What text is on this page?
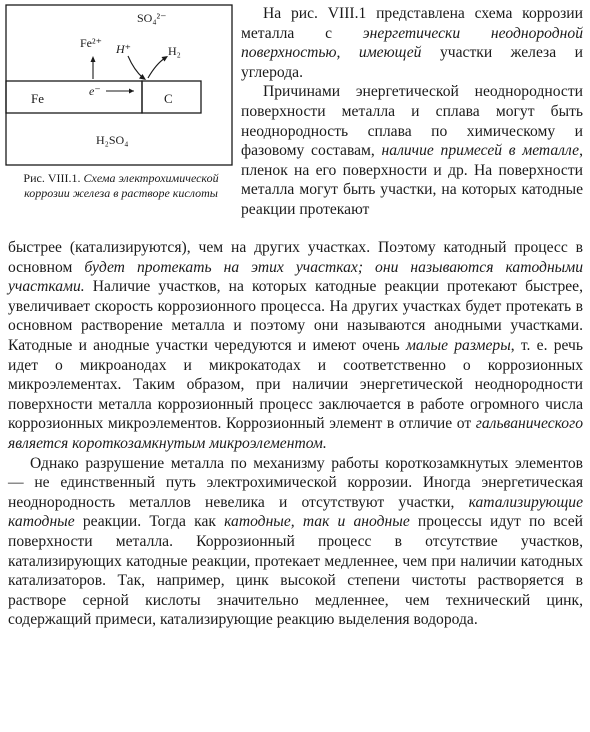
Fe	C
e⁻
Fe²⁺ H⁺	H₂
SO₄²⁻
H₂SO₄
Рис. VIII.1. Схема электрохимической коррозии железа в растворе кислоты

На рис. VIII.1 представлена схема коррозии металла с энергетически неоднородной поверхностью, имеющей участки железа и углерода.

Причинами энергетической неоднородности поверхности металла и сплава могут быть неоднородность сплава по химическому и фазовому составам, наличие примесей в металле, пленок на его поверхности и др. На поверхности металла могут быть участки, на которых катодные реакции протекают

быстрее (катализируются), чем на других участках. Поэтому катодный процесс в основном будет протекать на этих участках; они называются катодными участками. Наличие участков, на которых катодные реакции протекают быстрее, увеличивает скорость коррозионного процесса. На других участках будет протекать в основном растворение металла и поэтому они называются анодными участками. Катодные и анодные участки чередуются и имеют очень малые размеры, т. е. речь идет о микроанодах и микрокатодах и соответственно о коррозионных микроэлементах. Таким образом, при наличии энергетической неоднородности поверхности металла коррозионный процесс заключается в работе огромного числа коррозионных микроэлементов. Коррозионный элемент в отличие от гальванического является короткозамкнутым микроэлементом.

Однако разрушение металла по механизму работы короткозамкнутых элементов — не единственный путь электрохимической коррозии. Иногда энергетическая неоднородность металлов невелика и отсутствуют участки, катализирующие катодные реакции. Тогда как катодные, так и анодные процессы идут по всей поверхности металла. Коррозионный процесс в отсутствие участков, катализирующих катодные реакции, протекает медленнее, чем при наличии катодных катализаторов. Так, например, цинк высокой степени чистоты растворяется в растворе серной кислоты значительно медленнее, чем технический цинк, содержащий примеси, катализирующие реакцию выделения водорода.
